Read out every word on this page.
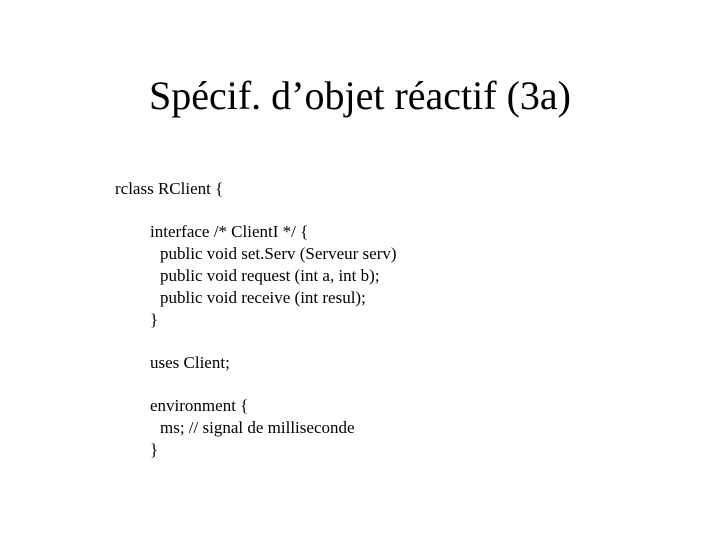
Spécif. d’objet réactif (3a)
rclass RClient {
interface /* ClientI */ {
public void set.Serv (Serveur serv)
public void request (int a, int b);
public void receive (int resul);
}
uses Client;
environment {
ms; // signal de milliseconde
}
